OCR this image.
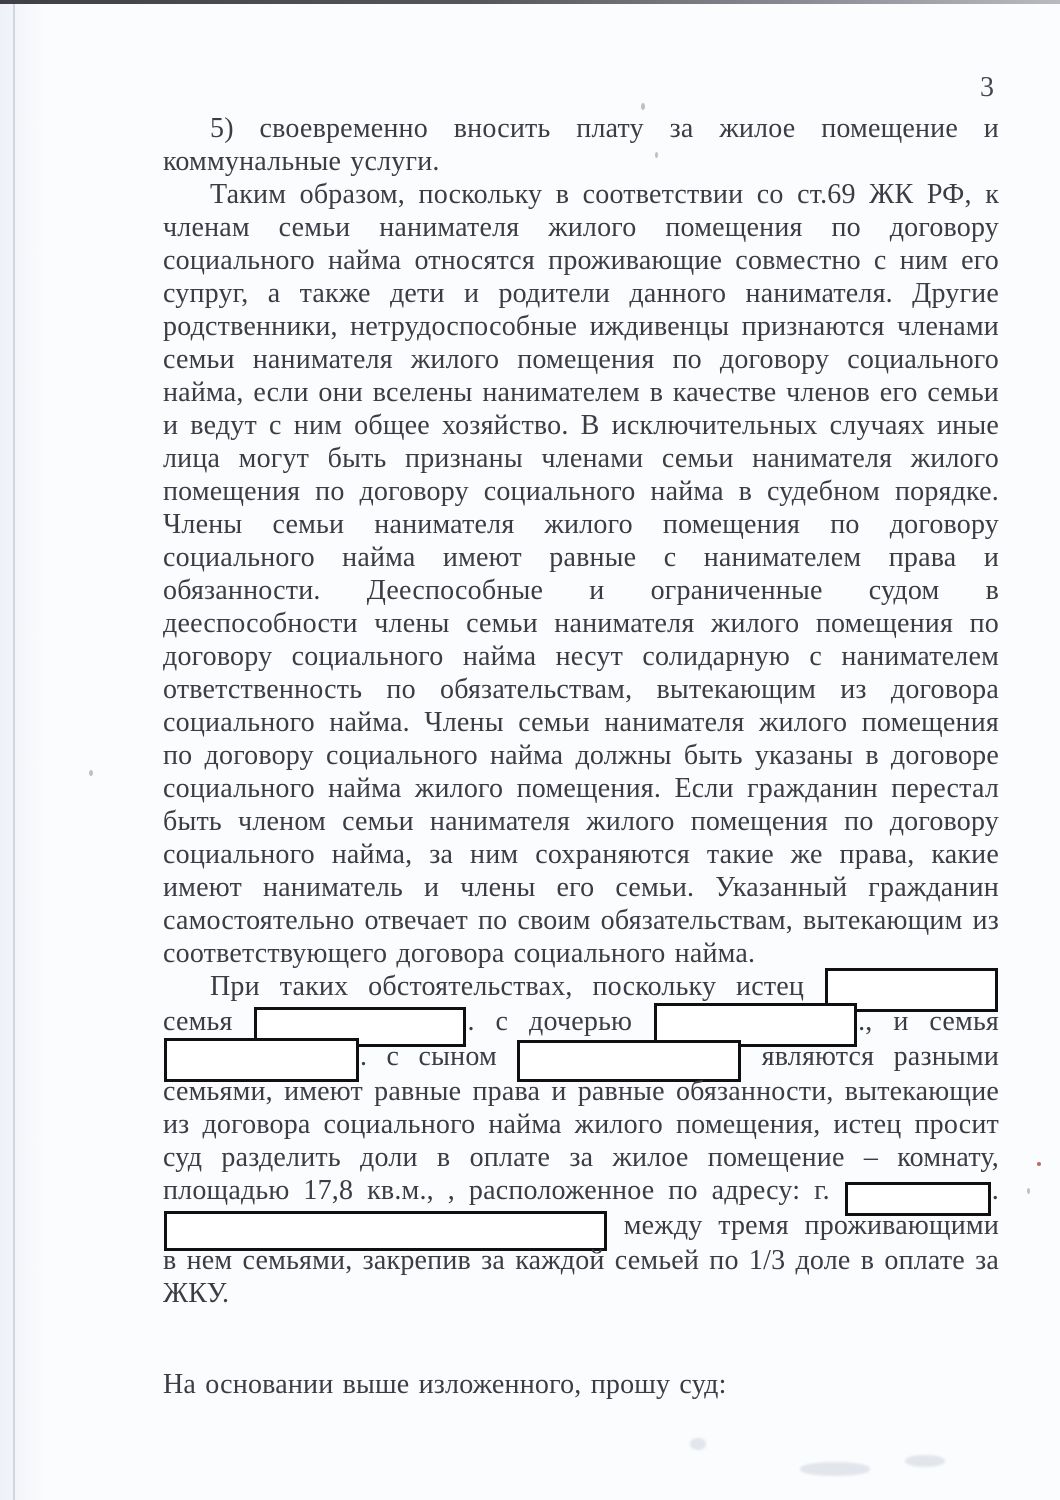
3

5) своевременно вносить плату за жилое помещение и коммунальные услуги.

Таким образом, поскольку в соответствии со ст.69 ЖК РФ, к членам семьи нанимателя жилого помещения по договору социального найма относятся проживающие совместно с ним его супруг, а также дети и родители данного нанимателя. Другие родственники, нетрудоспособные иждивенцы признаются членами семьи нанимателя жилого помещения по договору социального найма, если они вселены нанимателем в качестве членов его семьи и ведут с ним общее хозяйство. В исключительных случаях иные лица могут быть признаны членами семьи нанимателя жилого помещения по договору социального найма в судебном порядке. Члены семьи нанимателя жилого помещения по договору социального найма имеют равные с нанимателем права и обязанности. Дееспособные и ограниченные судом в дееспособности члены семьи нанимателя жилого помещения по договору социального найма несут солидарную с нанимателем ответственность по обязательствам, вытекающим из договора социального найма. Члены семьи нанимателя жилого помещения по договору социального найма должны быть указаны в договоре социального найма жилого помещения. Если гражданин перестал быть членом семьи нанимателя жилого помещения по договору социального найма, за ним сохраняются такие же права, какие имеют наниматель и члены его семьи. Указанный гражданин самостоятельно отвечает по своим обязательствам, вытекающим из соответствующего договора социального найма.

При таких обстоятельствах, поскольку истец  семья	. с дочерью	., и семья . с сыном	являются разными семьями, имеют равные права и равные обязанности, вытекающие из договора социального найма жилого помещения, истец просит суд разделить доли в оплате за жилое помещение – комнату, площадью 17,8 кв.м., , расположенное по адресу: г.	.  между тремя проживающими в нем семьями, закрепив за каждой семьей по 1/3 доле в оплате за ЖКУ.

На основании выше изложенного, прошу суд:
